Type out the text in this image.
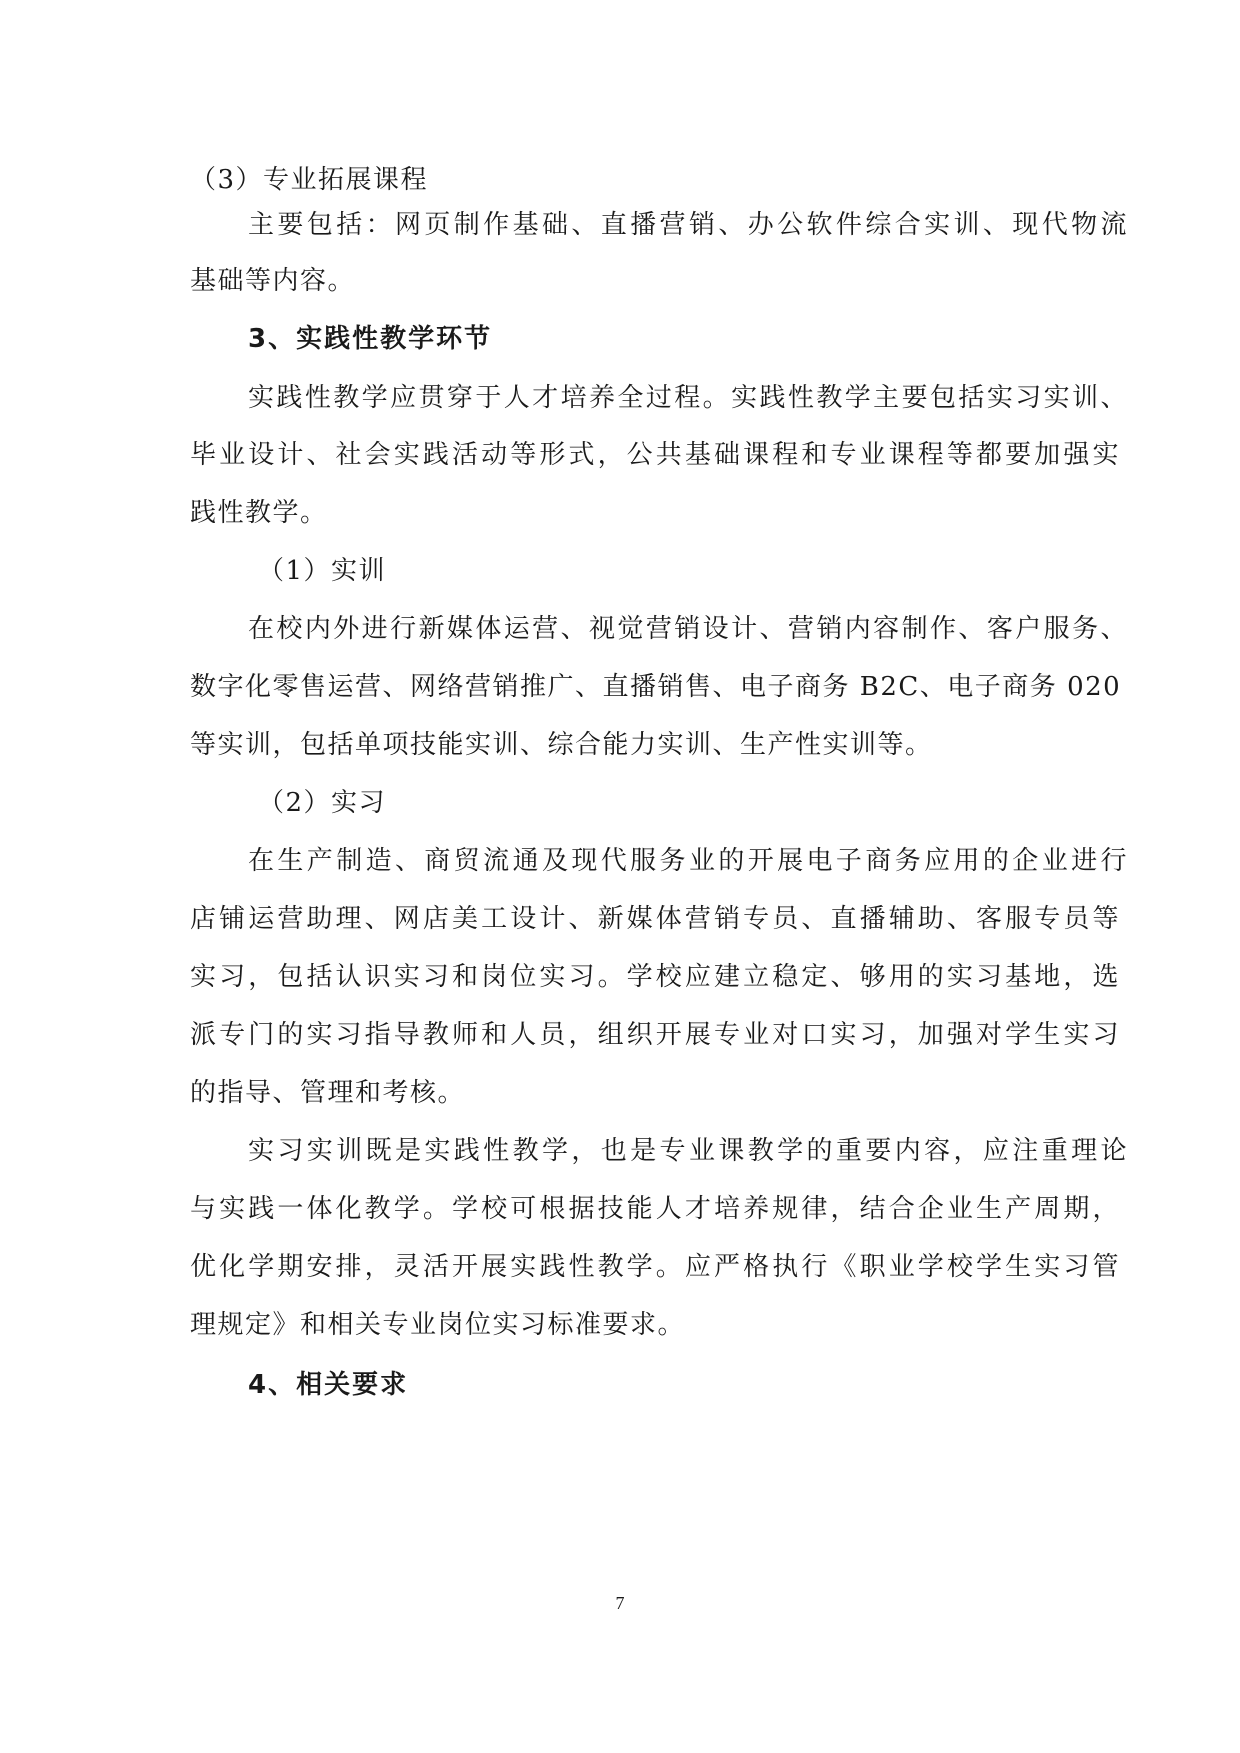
（3）专业拓展课程
主要包括：网页制作基础、直播营销、办公软件综合实训、现代物流
基础等内容。
3、实践性教学环节
实践性教学应贯穿于人才培养全过程。实践性教学主要包括实习实训、
毕业设计、社会实践活动等形式，公共基础课程和专业课程等都要加强实
践性教学。
（1）实训
在校内外进行新媒体运营、视觉营销设计、营销内容制作、客户服务、
数字化零售运营、网络营销推广、直播销售、电子商务 B2C、电子商务 020
等实训，包括单项技能实训、综合能力实训、生产性实训等。
（2）实习
在生产制造、商贸流通及现代服务业的开展电子商务应用的企业进行
店铺运营助理、网店美工设计、新媒体营销专员、直播辅助、客服专员等
实习，包括认识实习和岗位实习。学校应建立稳定、够用的实习基地，选
派专门的实习指导教师和人员，组织开展专业对口实习，加强对学生实习
的指导、管理和考核。
实习实训既是实践性教学，也是专业课教学的重要内容，应注重理论
与实践一体化教学。学校可根据技能人才培养规律，结合企业生产周期，
优化学期安排，灵活开展实践性教学。应严格执行《职业学校学生实习管
理规定》和相关专业岗位实习标准要求。
4、相关要求
7
